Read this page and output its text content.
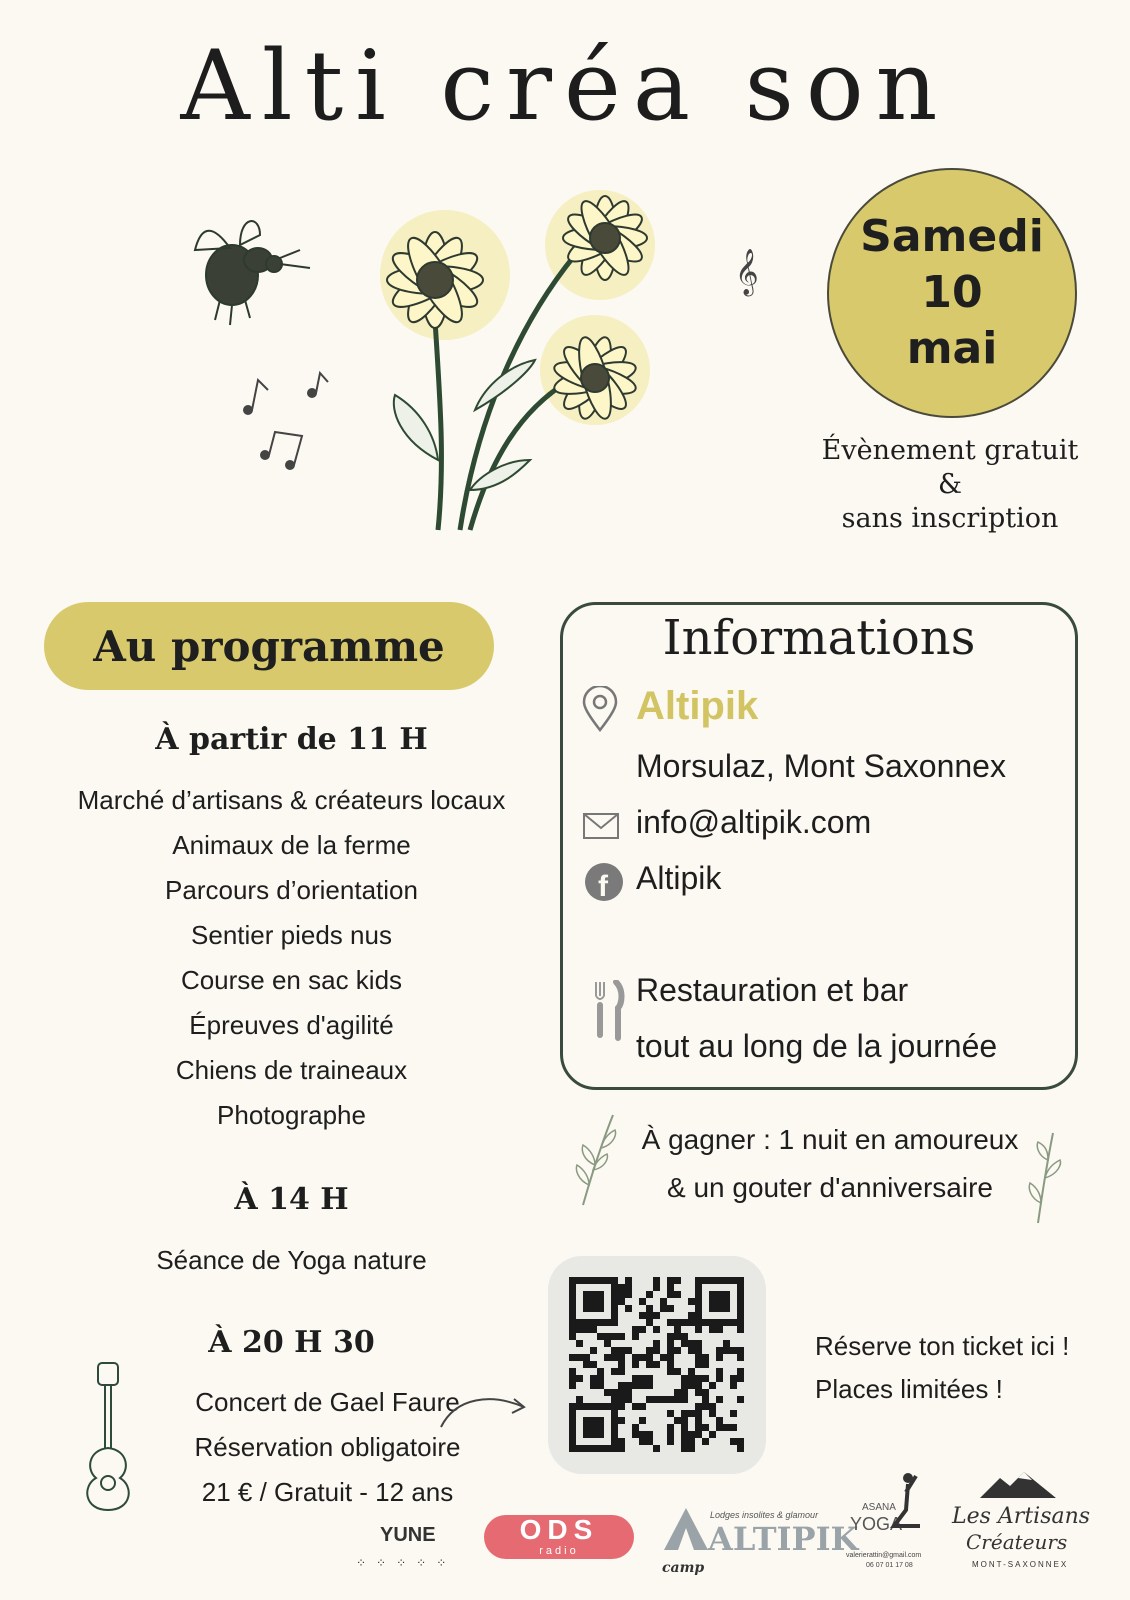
Alti créa son
𝄞
Samedi 10
mai
Évènement gratuit
&
sans inscription
Au programme
À partir de 11 H
Marché d’artisans & créateurs locaux
Animaux de la ferme
Parcours d’orientation
Sentier pieds nus
Course en sac kids
Épreuves d'agilité
Chiens de traineaux
Photographe
À 14 H
Séance de Yoga nature
À 20 H 30
Concert de Gael Faure
Réservation obligatoire
21 € / Gratuit - 12 ans
Informations
Altipik
Morsulaz, Mont Saxonnex
info@altipik.com
f Altipik
Restauration et bar
tout au long de la journée
À gagner : 1 nuit en amoureux
& un gouter d'anniversaire
Réserve ton ticket ici !
Places limitées !
YUNE
⁘⁘⁘⁘⁘
ODS
radio
Lodges insolites & glamour
ALTIPIK
camp
ASANA
YOGA
valerierattin@gmail.com
06 07 01 17 08
Les Artisans
Créateurs
MONT-SAXONNEX
